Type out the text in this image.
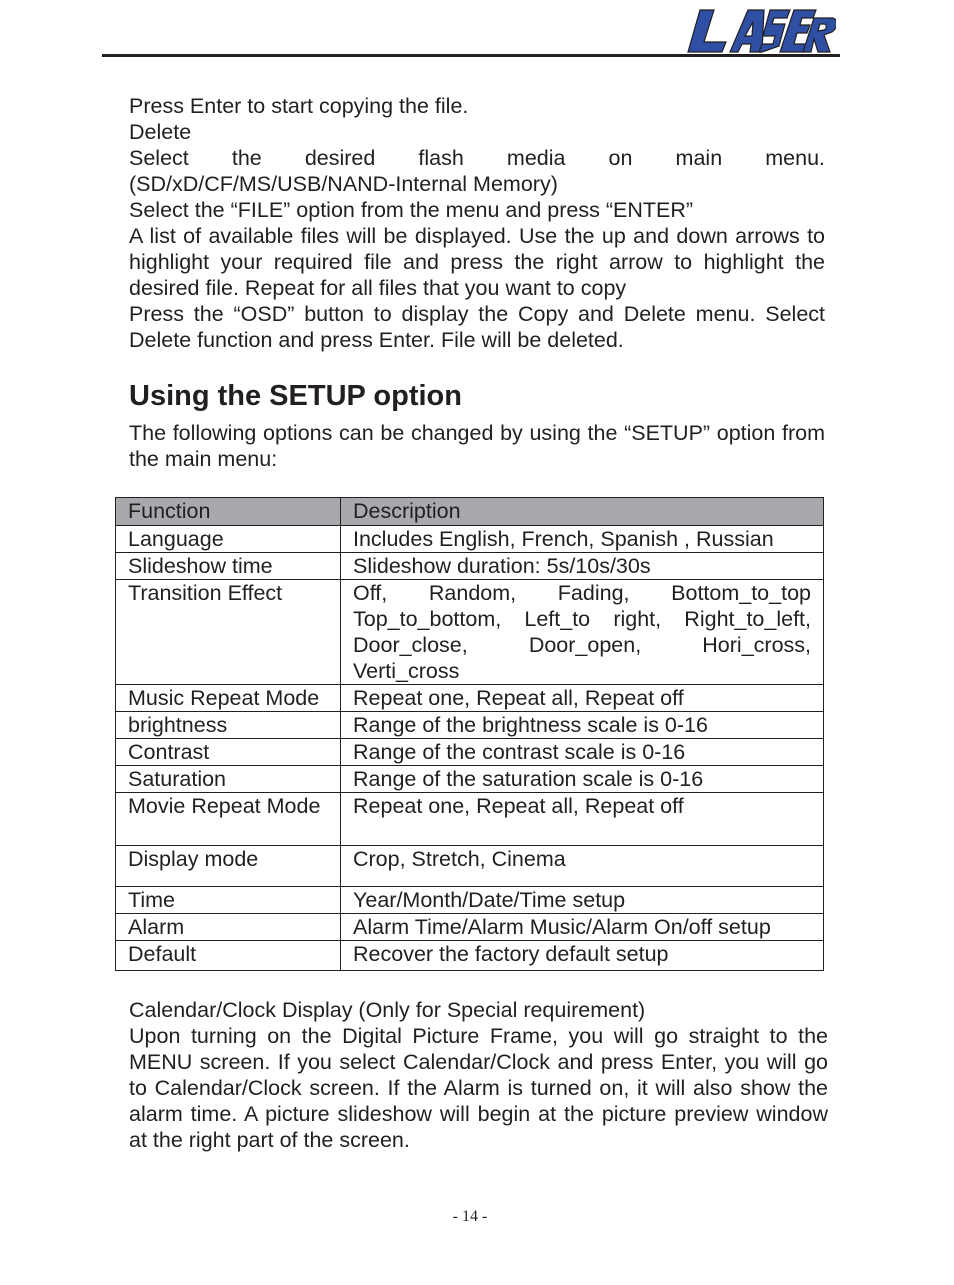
Press Enter to start copying the file.

Delete

Select the desired flash media on main menu.

(SD/xD/CF/MS/USB/NAND-Internal Memory)

Select the “FILE” option from the menu and press “ENTER”

A list of available files will be displayed. Use the up and down arrows to highlight your required file and press the right arrow to highlight the desired file. Repeat for all files that you want to copy

Press the “OSD” button to display the Copy and Delete menu. Select Delete function and press Enter. File will be deleted.

Using the SETUP option

The following options can be changed by using the “SETUP” option from the main menu:

Function	Description
Language	Includes English, French, Spanish , Russian
Slideshow time	Slideshow duration: 5s/10s/30s
Transition Effect	Off, Random, Fading, Bottom_to_top Top_to_bottom, Left_to right, Right_to_left, Door_close, Door_open, Hori_cross, Verti_cross
Music Repeat Mode	Repeat one, Repeat all, Repeat off
brightness	Range of the brightness scale is 0-16
Contrast	Range of the contrast scale is 0-16
Saturation	Range of the saturation scale is 0-16
Movie Repeat Mode	Repeat one, Repeat all, Repeat off
Display mode	Crop, Stretch, Cinema
Time	Year/Month/Date/Time setup
Alarm	Alarm Time/Alarm Music/Alarm On/off setup
Default	Recover the factory default setup

Calendar/Clock Display (Only for Special requirement)

Upon turning on the Digital Picture Frame, you will go straight to the MENU screen. If you select Calendar/Clock and press Enter, you will go to Calendar/Clock screen. If the Alarm is turned on, it will also show the alarm time. A picture slideshow will begin at the picture preview window at the right part of the screen.

- 14 -
